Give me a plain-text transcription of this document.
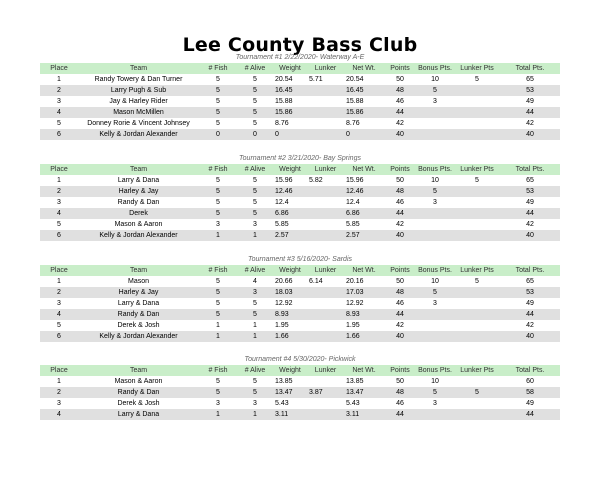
Lee County Bass Club
Tournament #1 2/22/2020- Waterway A-E
Place	Team	# Fish	# Alive	Weight	Lunker	Net Wt.	Points	Bonus Pts.	Lunker Pts	Total Pts.
1	Randy Towery & Dan Turner	5	5	20.54	5.71	20.54	50	10	5	65
2	Larry Pugh & Sub	5	5	16.45		16.45	48	5		53
3	Jay & Harley Rider	5	5	15.88		15.88	46	3		49
4	Mason McMillen	5	5	15.86		15.86	44			44
5	Donney Rorie & Vincent Johnsey	5	5	8.76		8.76	42			42
6	Kelly & Jordan Alexander	0	0	0		0	40			40
Tournament #2 3/21/2020- Bay Springs
Place	Team	# Fish	# Alive	Weight	Lunker	Net Wt.	Points	Bonus Pts.	Lunker Pts	Total Pts.
1	Larry & Dana	5	5	15.96	5.82	15.96	50	10	5	65
2	Harley & Jay	5	5	12.46		12.46	48	5		53
3	Randy & Dan	5	5	12.4		12.4	46	3		49
4	Derek	5	5	6.86		6.86	44			44
5	Mason & Aaron	3	3	5.85		5.85	42			42
6	Kelly & Jordan Alexander	1	1	2.57		2.57	40			40
Tournament #3 5/16/2020- Sardis
Place	Team	# Fish	# Alive	Weight	Lunker	Net Wt.	Points	Bonus Pts.	Lunker Pts	Total Pts.
1	Mason	5	4	20.66	6.14	20.16	50	10	5	65
2	Harley & Jay	5	3	18.03		17.03	48	5		53
3	Larry & Dana	5	5	12.92		12.92	46	3		49
4	Randy & Dan	5	5	8.93		8.93	44			44
5	Derek & Josh	1	1	1.95		1.95	42			42
6	Kelly & Jordan Alexander	1	1	1.66		1.66	40			40
Tournament #4 5/30/2020- Pickwick
Place	Team	# Fish	# Alive	Weight	Lunker	Net Wt.	Points	Bonus Pts.	Lunker Pts	Total Pts.
1	Mason & Aaron	5	5	13.85		13.85	50	10		60
2	Randy & Dan	5	5	13.47	3.87	13.47	48	5	5	58
3	Derek & Josh	3	3	5.43		5.43	46	3		49
4	Larry & Dana	1	1	3.11		3.11	44			44
